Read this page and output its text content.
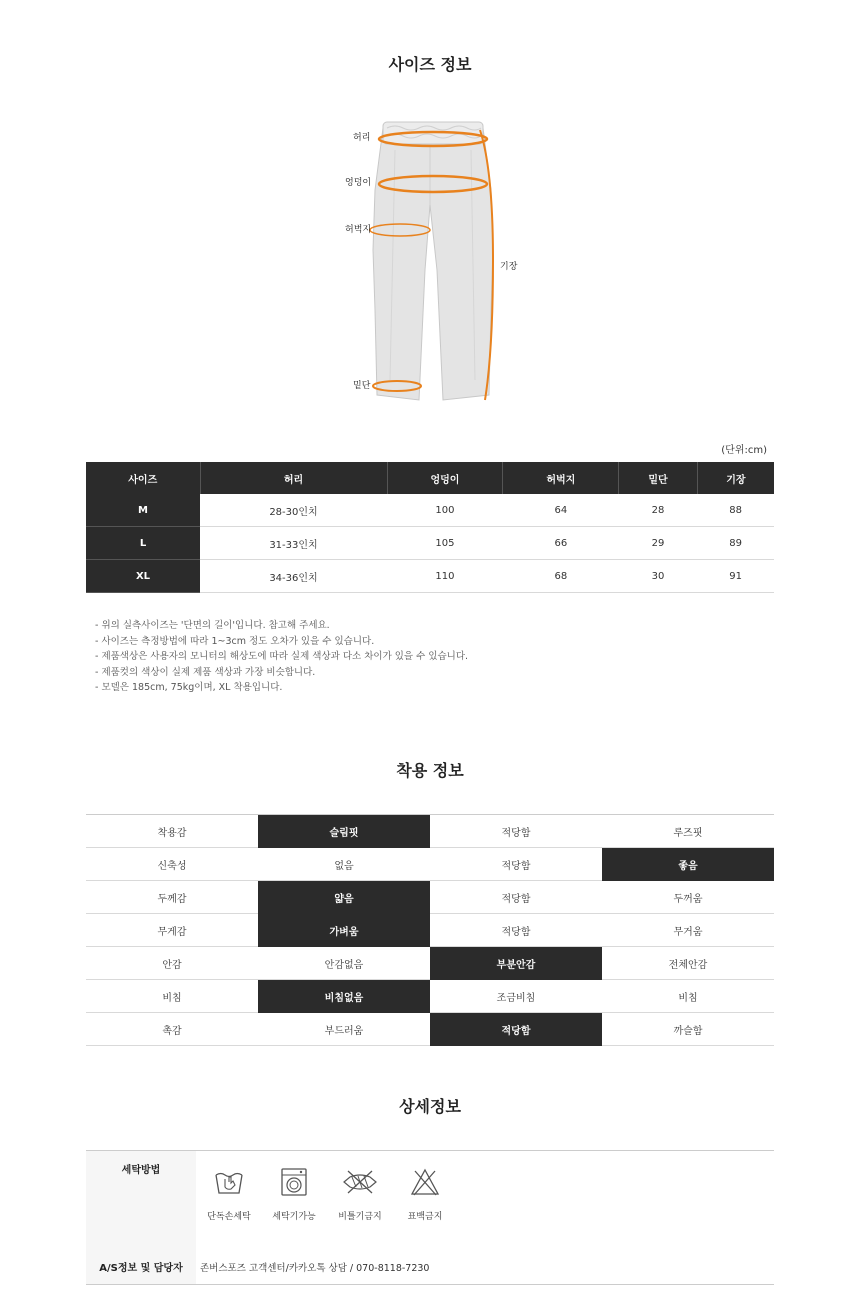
사이즈 정보
허리
엉덩이
허벅지
기장
밑단
(단위:cm)
사이즈	허리	엉덩이	허벅지	밑단	기장
M	28-30인치	100	64	28	88
L	31-33인치	105	66	29	89
XL	34-36인치	110	68	30	91
- 위의 실측사이즈는 '단면의 길이'입니다. 참고해 주세요.
- 사이즈는 측정방법에 따라 1~3cm 정도 오차가 있을 수 있습니다.
- 제품색상은 사용자의 모니터의 해상도에 따라 실제 색상과 다소 차이가 있을 수 있습니다.
- 제품컷의 색상이 실제 제품 색상과 가장 비슷합니다.
- 모델은 185cm, 75kg이며, XL 착용입니다.
착용 정보
착용감	슬림핏	적당함	루즈핏
신축성	없음	적당함	좋음
두께감	얇음	적당함	두꺼움
무게감	가벼움	적당함	무거움
안감	안감없음	부분안감	전체안감
비침	비침없음	조금비침	비침
촉감	부드러움	적당함	까슬함
상세정보
세탁방법
단독손세탁	세탁기가능	비틀기금지	표백금지
A/S정보 및 담당자	존버스포즈 고객센터/카카오톡 상담 / 070-8118-7230
